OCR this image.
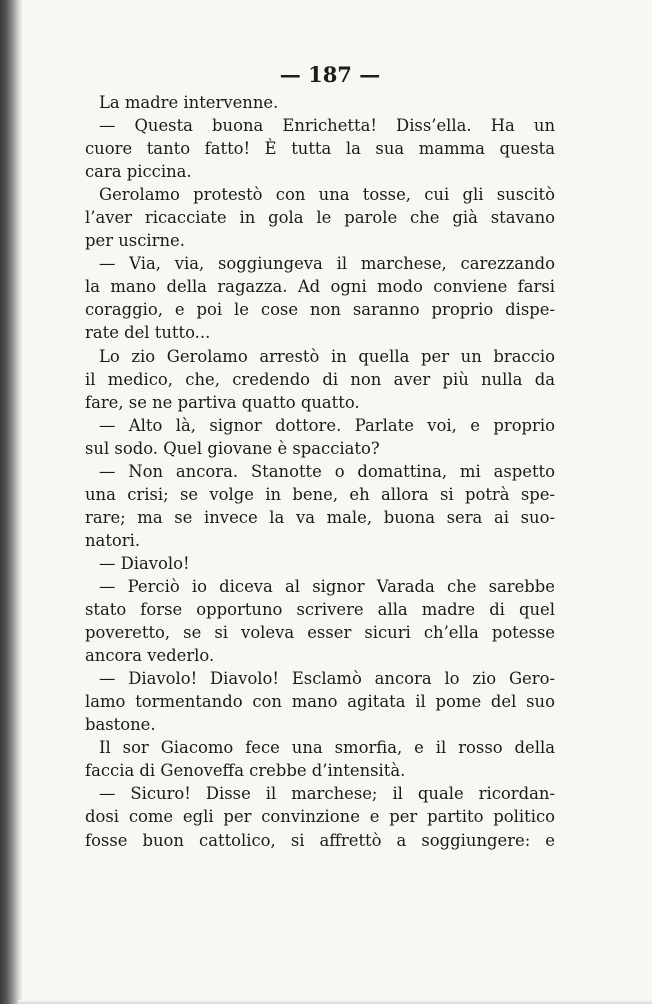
— 187 —
La madre intervenne.
— Questa buona Enrichetta! Diss’ella. Ha un
cuore tanto fatto! È tutta la sua mamma questa
cara piccina.
Gerolamo protestò con una tosse, cui gli suscitò
l’aver ricacciate in gola le parole che già stavano
per uscirne.
— Via, via, soggiungeva il marchese, carezzando
la mano della ragazza. Ad ogni modo conviene farsi
coraggio, e poi le cose non saranno proprio dispe-
rate del tutto...
Lo zio Gerolamo arrestò in quella per un braccio
il medico, che, credendo di non aver più nulla da
fare, se ne partiva quatto quatto.
— Alto là, signor dottore. Parlate voi, e proprio
sul sodo. Quel giovane è spacciato?
— Non ancora. Stanotte o domattina, mi aspetto
una crisi; se volge in bene, eh allora si potrà spe-
rare; ma se invece la va male, buona sera ai suo-
natori.
— Diavolo!
— Perciò io diceva al signor Varada che sarebbe
stato forse opportuno scrivere alla madre di quel
poveretto, se si voleva esser sicuri ch’ella potesse
ancora vederlo.
— Diavolo! Diavolo! Esclamò ancora lo zio Gero-
lamo tormentando con mano agitata il pome del suo
bastone.
Il sor Giacomo fece una smorfia, e il rosso della
faccia di Genoveffa crebbe d’intensità.
— Sicuro! Disse il marchese; il quale ricordan-
dosi come egli per convinzione e per partito politico
fosse buon cattolico, si affrettò a soggiungere: e
